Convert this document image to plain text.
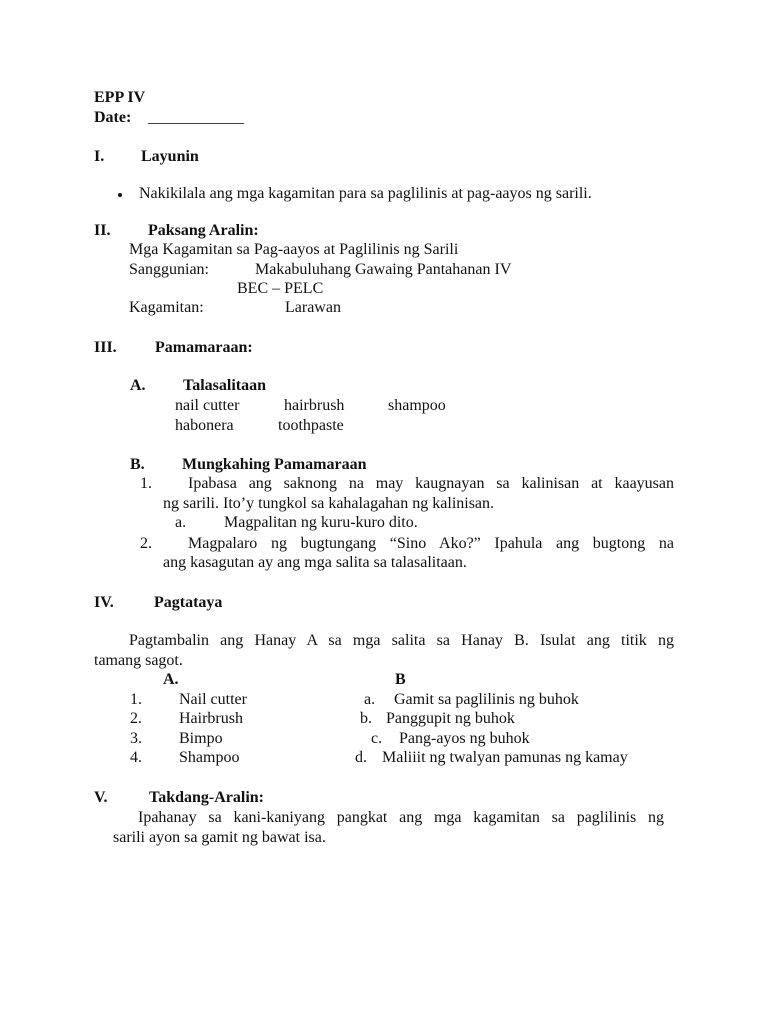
EPP IV
Date: ____________
I. Layunin
Nakikilala ang mga kagamitan para sa paglilinis at pag-aayos ng sarili.
II. Paksang Aralin:
Mga Kagamitan sa Pag-aayos at Paglilinis ng Sarili
Sanggunian:	Makabuluhang Gawaing Pantahanan IV
BEC – PELC
Kagamitan:	Larawan
III. Pamamaraan:
A. Talasalitaan
nail cutter	hairbrush	shampoo
habonera	toothpaste
B. Mungkahing Pamamaraan
1. Ipabasa ang saknong na may kaugnayan sa kalinisan at kaayusan
ng sarili. Ito’y tungkol sa kahalagahan ng kalinisan.
a. Magpalitan ng kuru-kuro dito.
2. Magpalaro ng bugtungang “Sino Ako?” Ipahula ang bugtong na
ang kasagutan ay ang mga salita sa talasalitaan.
IV.	Pagtataya
Pagtambalin ang Hanay A sa mga salita sa Hanay B. Isulat ang titik ng
tamang sagot.
A.	B
1. Nail cutter	a. Gamit sa paglilinis ng buhok
2. Hairbrush	b. Panggupit ng buhok
3. Bimpo	c. Pang-ayos ng buhok
4. Shampoo	d. Maliiit ng twalyan pamunas ng kamay
V.	Takdang-Aralin:
Ipahanay sa kani-kaniyang pangkat ang mga kagamitan sa paglilinis ng
sarili ayon sa gamit ng bawat isa.
